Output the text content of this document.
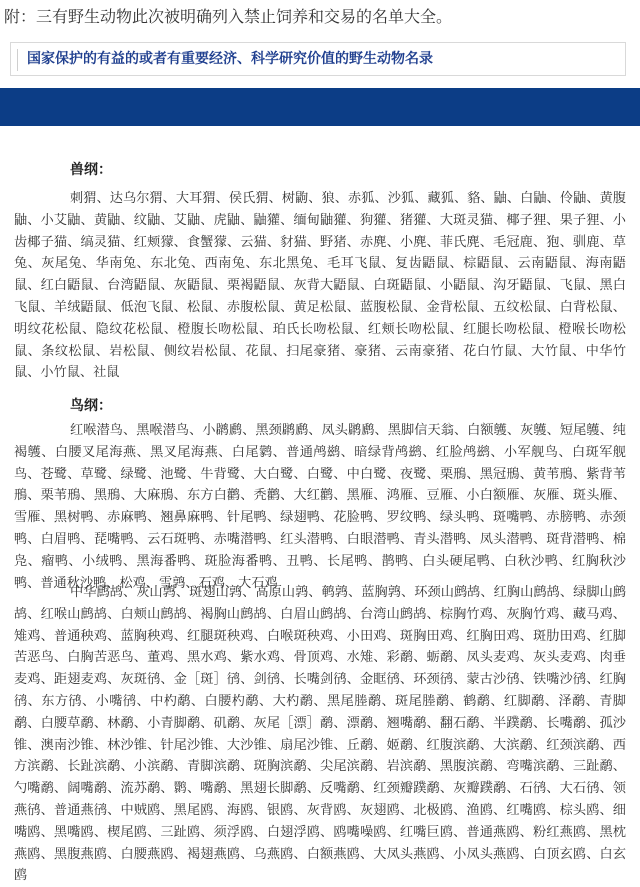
附：三有野生动物此次被明确列入禁止饲养和交易的名单大全。
国家保护的有益的或者有重要经济、科学研究价值的野生动物名录
兽纲：
刺猬、达乌尔猬、大耳猬、侯氏猬、树鼩、狼、赤狐、沙狐、藏狐、貉、鼬、白鼬、伶鼬、黄腹鼬、小艾鼬、黄鼬、纹鼬、艾鼬、虎鼬、鼬獾、缅甸鼬獾、狗獾、猪獾、大斑灵猫、椰子狸、果子狸、小齿椰子猫、缟灵猫、红颊獴、食蟹獴、云猫、豺猫、野猪、赤麂、小麂、菲氏麂、毛冠鹿、狍、驯鹿、草兔、灰尾兔、华南兔、东北兔、西南兔、东北黑兔、毛耳飞鼠、复齿鼯鼠、棕鼯鼠、云南鼯鼠、海南鼯鼠、红白鼯鼠、台湾鼯鼠、灰鼯鼠、栗褐鼯鼠、灰背大鼯鼠、白斑鼯鼠、小鼯鼠、沟牙鼯鼠、飞鼠、黑白飞鼠、羊绒鼯鼠、低泡飞鼠、松鼠、赤腹松鼠、黄足松鼠、蓝腹松鼠、金背松鼠、五纹松鼠、白背松鼠、明纹花松鼠、隐纹花松鼠、橙腹长吻松鼠、珀氏长吻松鼠、红颊长吻松鼠、红腿长吻松鼠、橙喉长吻松鼠、条纹松鼠、岩松鼠、侧纹岩松鼠、花鼠、扫尾豪猪、豪猪、云南豪猪、花白竹鼠、大竹鼠、中华竹鼠、小竹鼠、社鼠
鸟纲：
红喉潜鸟、黑喉潜鸟、小䴙䴘、黑颈䴙䴘、凤头䴙䴘、黑脚信天翁、白额鹱、灰鹱、短尾鹱、纯褐鹱、白腰叉尾海燕、黑叉尾海燕、白尾鹲、普通鸬鹚、暗绿背鸬鹚、红脸鸬鹚、小军舰鸟、白斑军舰鸟、苍鹭、草鹭、绿鹭、池鹭、牛背鹭、大白鹭、白鹭、中白鹭、夜鹭、栗鳽、黑冠鳽、黄苇鳽、紫背苇鳽、栗苇鳽、黑鳽、大麻鳽、东方白鹳、秃鹳、大红鹳、黑雁、鸿雁、豆雁、小白额雁、灰雁、斑头雁、雪雁、黑树鸭、赤麻鸭、翘鼻麻鸭、针尾鸭、绿翅鸭、花脸鸭、罗纹鸭、绿头鸭、斑嘴鸭、赤膀鸭、赤颈鸭、白眉鸭、琵嘴鸭、云石斑鸭、赤嘴潜鸭、红头潜鸭、白眼潜鸭、青头潜鸭、凤头潜鸭、斑背潜鸭、棉凫、瘤鸭、小绒鸭、黑海番鸭、斑脸海番鸭、丑鸭、长尾鸭、鹊鸭、白头硬尾鸭、白秋沙鸭、红胸秋沙鸭、普通秋沙鸭、松鸡、雪鹑、石鸡、大石鸡
中华鹧鸪、灰山鹑、斑翅山鹑、高原山鹑、鹌鹑、蓝胸鹑、环颈山鹧鸪、红胸山鹧鸪、绿脚山鹧鸪、红喉山鹧鸪、白颊山鹧鸪、褐胸山鹧鸪、白眉山鹧鸪、台湾山鹧鸪、棕胸竹鸡、灰胸竹鸡、藏马鸡、雉鸡、普通秧鸡、蓝胸秧鸡、红腿斑秧鸡、白喉斑秧鸡、小田鸡、斑胸田鸡、红胸田鸡、斑肋田鸡、红脚苦恶鸟、白胸苦恶鸟、董鸡、黑水鸡、紫水鸡、骨顶鸡、水雉、彩鹬、蛎鹬、凤头麦鸡、灰头麦鸡、肉垂麦鸡、距翅麦鸡、灰斑鸻、金［斑］鸻、剑鸻、长嘴剑鸻、金眶鸻、环颈鸻、蒙古沙鸻、铁嘴沙鸻、红胸鸻、东方鸻、小嘴鸻、中杓鹬、白腰杓鹬、大杓鹬、黑尾塍鹬、斑尾塍鹬、鹤鹬、红脚鹬、泽鹬、青脚鹬、白腰草鹬、林鹬、小青脚鹬、矶鹬、灰尾［漂］鹬、漂鹬、翘嘴鹬、翻石鹬、半蹼鹬、长嘴鹬、孤沙锥、澳南沙锥、林沙锥、针尾沙锥、大沙锥、扇尾沙锥、丘鹬、姬鹬、红腹滨鹬、大滨鹬、红颈滨鹬、西方滨鹬、长趾滨鹬、小滨鹬、青脚滨鹬、斑胸滨鹬、尖尾滨鹬、岩滨鹬、黑腹滨鹬、弯嘴滨鹬、三趾鹬、勺嘴鹬、阔嘴鹬、流苏鹬、鹮、嘴鹬、黑翅长脚鹬、反嘴鹬、红颈瓣蹼鹬、灰瓣蹼鹬、石鸻、大石鸻、领燕鸻、普通燕鸻、中贼鸥、黑尾鸥、海鸥、银鸥、灰背鸥、灰翅鸥、北极鸥、渔鸥、红嘴鸥、棕头鸥、细嘴鸥、黑嘴鸥、楔尾鸥、三趾鸥、须浮鸥、白翅浮鸥、鸥嘴噪鸥、红嘴巨鸥、普通燕鸥、粉红燕鸥、黑枕燕鸥、黑腹燕鸥、白腰燕鸥、褐翅燕鸥、乌燕鸥、白额燕鸥、大凤头燕鸥、小凤头燕鸥、白顶玄鸥、白玄鸥
